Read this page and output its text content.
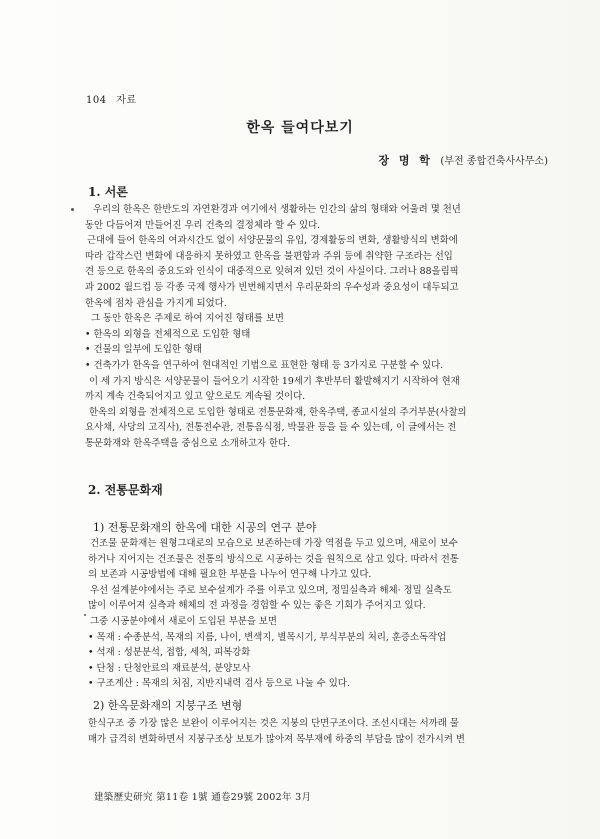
104 자료
한옥 들여다보기
장 명 학 (부전 종합건축사사무소)
1. 서론

우리의 한옥은 한반도의 자연환경과 여기에서 생활하는 인간의 삶의 형태와 어울려 몇 천년

동안 다듬어져 만들어진 우리 건축의 결정체라 할 수 있다.

근대에 들어 한옥의 여과시간도 없이 서양문물의 유입, 경제활동의 변화, 생활방식의 변화에

따라 갑작스런 변화에 대응하지 못하였고 한옥을 불편함과 주위 등에 취약한 구조라는 선입

견 등으로 한옥의 중요도와 인식이 대중적으로 잊혀져 있던 것이 사실이다. 그러나 88올림픽

과 2002 월드컵 등 각종 국제 행사가 빈번해지면서 우리문화의 우수성과 중요성이 대두되고

한옥에 점차 관심을 가지게 되었다.

그 동안 한옥은 주제로 하여 지어진 형태를 보면

• 한옥의 외형을 전체적으로 도입한 형태

• 건물의 일부에 도입한 형태

• 건축가가 한옥을 연구하여 현대적인 기법으로 표현한 형태 등 3가지로 구분할 수 있다.

이 세 가지 방식은 서양문물이 들어오기 시작한 19세기 후반부터 활발해지기 시작하여 현재

까지 계속 건축되어지고 있고 앞으로도 계속될 것이다.

한옥의 외형을 전체적으로 도입한 형태로 전통문화재, 한옥주택, 종교시설의 주거부분(사찰의

요사채, 사당의 고직사), 전통전수관, 전통음식점, 박물관 등을 들 수 있는데, 이 글에서는 전

통문화재와 한옥주택을 중심으로 소개하고자 한다.

2. 전통문화재
1) 전통문화재의 한옥에 대한 시공의 연구 분야

건조물 문화재는 원형그대로의 모습으로 보존하는데 가장 역점을 두고 있으며, 새로이 보수

하거나 지어지는 건조물은 전통의 방식으로 시공하는 것을 원칙으로 삼고 있다. 따라서 전통

의 보존과 시공방법에 대해 필요한 부분을 나누어 연구해 나가고 있다.

우선 설계분야에서는 주로 보수설계가 주를 이루고 있으며, 정밀실측과 해체· 정밀 실측도

많이 이루어져 실측과 해체의 전 과정을 경험할 수 있는 좋은 기회가 주어지고 있다.

그중 시공분야에서 새로이 도입된 부분을 보면

• 목재 : 수종분석, 목재의 지름, 나이, 변색지, 별목시기, 부식부분의 처리, 훈증소독작업

• 석재 : 성분분석, 접합, 세척, 피복강화

• 단청 : 단청안료의 재료분석, 분양모사

• 구조계산 : 목재의 처짐, 지반지내력 검사 등으로 나눌 수 있다.

2) 한옥문화재의 지붕구조 변형

한식구조 중 가장 많은 보완이 이루어지는 것은 지붕의 단면구조이다. 조선시대는 서까래 물

매가 급격히 변화하면서 지붕구조상 보토가 많아져 목부재에 하중의 부담을 많이 전가시켜 변

建築歷史研究 第11卷 1號 通卷29號 2002年 3月
